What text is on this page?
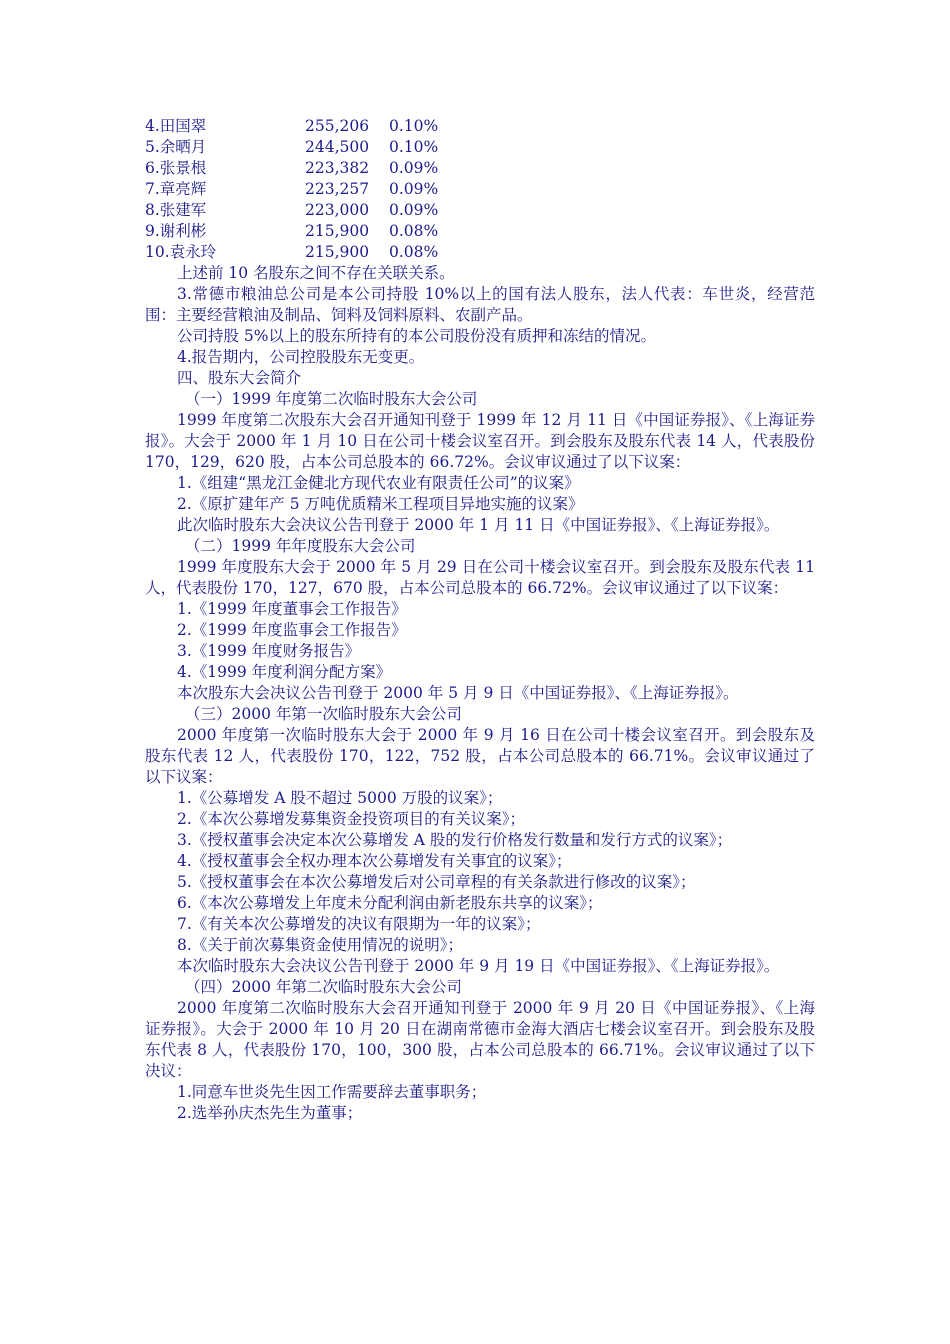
4.田国翠	255,206 0.10%
5.余晒月	244,500 0.10%
6.张景根	223,382 0.09%
7.章亮辉	223,257 0.09%
8.张建军	223,000 0.09%
9.谢利彬	215,900 0.08%
10.袁永玲	215,900 0.08%

上述前 10 名股东之间不存在关联关系。

3.常德市粮油总公司是本公司持股 10%以上的国有法人股东，法人代表：车世炎，经营范围：主要经营粮油及制品、饲料及饲料原料、农副产品。

公司持股 5%以上的股东所持有的本公司股份没有质押和冻结的情况。

4.报告期内，公司控股股东无变更。

四、股东大会简介

（一）1999 年度第二次临时股东大会公司

1999 年度第二次股东大会召开通知刊登于 1999 年 12 月 11 日《中国证券报》、《上海证券报》。大会于 2000 年 1 月 10 日在公司十楼会议室召开。到会股东及股东代表 14 人，代表股份 170，129，620 股，占本公司总股本的 66.72%。会议审议通过了以下议案：

1.《组建“黑龙江金健北方现代农业有限责任公司”的议案》

2.《原扩建年产 5 万吨优质精米工程项目异地实施的议案》

此次临时股东大会决议公告刊登于 2000 年 1 月 11 日《中国证券报》、《上海证券报》。

（二）1999 年年度股东大会公司

1999 年度股东大会于 2000 年 5 月 29 日在公司十楼会议室召开。到会股东及股东代表 11 人，代表股份 170，127，670 股，占本公司总股本的 66.72%。会议审议通过了以下议案：

1.《1999 年度董事会工作报告》

2.《1999 年度监事会工作报告》

3.《1999 年度财务报告》

4.《1999 年度利润分配方案》

本次股东大会决议公告刊登于 2000 年 5 月 9 日《中国证券报》、《上海证券报》。

（三）2000 年第一次临时股东大会公司

2000 年度第一次临时股东大会于 2000 年 9 月 16 日在公司十楼会议室召开。到会股东及股东代表 12 人，代表股份 170，122，752 股，占本公司总股本的 66.71%。会议审议通过了以下议案：

1.《公募增发 A 股不超过 5000 万股的议案》；

2.《本次公募增发募集资金投资项目的有关议案》；

3.《授权董事会决定本次公募增发 A 股的发行价格发行数量和发行方式的议案》；

4.《授权董事会全权办理本次公募增发有关事宜的议案》；

5.《授权董事会在本次公募增发后对公司章程的有关条款进行修改的议案》；

6.《本次公募增发上年度未分配利润由新老股东共享的议案》；

7.《有关本次公募增发的决议有限期为一年的议案》；

8.《关于前次募集资金使用情况的说明》；

本次临时股东大会决议公告刊登于 2000 年 9 月 19 日《中国证券报》、《上海证券报》。

（四）2000 年第二次临时股东大会公司

2000 年度第二次临时股东大会召开通知刊登于 2000 年 9 月 20 日《中国证券报》、《上海证券报》。大会于 2000 年 10 月 20 日在湖南常德市金海大酒店七楼会议室召开。到会股东及股东代表 8 人，代表股份 170，100，300 股，占本公司总股本的 66.71%。会议审议通过了以下决议：

1.同意车世炎先生因工作需要辞去董事职务；

2.选举孙庆杰先生为董事；
